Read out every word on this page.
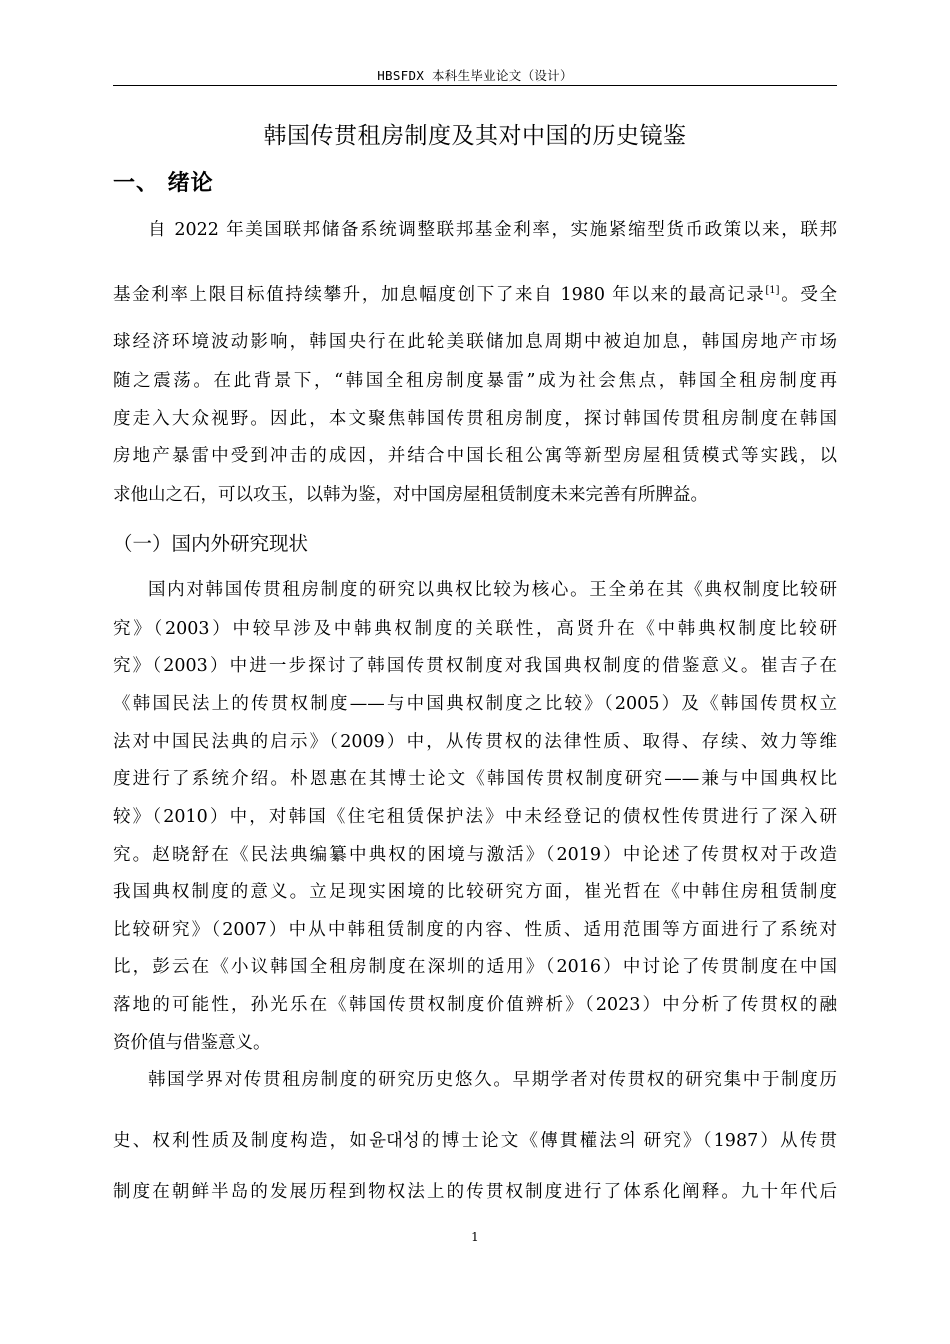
HBSFDX 本科生毕业论文（设计）
韩国传贯租房制度及其对中国的历史镜鉴
一、 绪论
自 2022 年美国联邦储备系统调整联邦基金利率，实施紧缩型货币政策以来，联邦
基金利率上限目标值持续攀升，加息幅度创下了来自 1980 年以来的最高记录[1]。受全
球经济环境波动影响，韩国央行在此轮美联储加息周期中被迫加息，韩国房地产市场
随之震荡。在此背景下，“韩国全租房制度暴雷”成为社会焦点，韩国全租房制度再
度走入大众视野。因此，本文聚焦韩国传贯租房制度，探讨韩国传贯租房制度在韩国
房地产暴雷中受到冲击的成因，并结合中国长租公寓等新型房屋租赁模式等实践，以
求他山之石，可以攻玉，以韩为鉴，对中国房屋租赁制度未来完善有所脾益。
（一）国内外研究现状
国内对韩国传贯租房制度的研究以典权比较为核心。王全弟在其《典权制度比较研
究》（2003）中较早涉及中韩典权制度的关联性，高贤升在《中韩典权制度比较研
究》（2003）中进一步探讨了韩国传贯权制度对我国典权制度的借鉴意义。崔吉子在
《韩国民法上的传贯权制度——与中国典权制度之比较》（2005）及《韩国传贯权立
法对中国民法典的启示》（2009）中，从传贯权的法律性质、取得、存续、效力等维
度进行了系统介绍。朴恩惠在其博士论文《韩国传贯权制度研究——兼与中国典权比
较》（2010）中，对韩国《住宅租赁保护法》中未经登记的债权性传贯进行了深入研
究。赵晓舒在《民法典编纂中典权的困境与激活》（2019）中论述了传贯权对于改造
我国典权制度的意义。立足现实困境的比较研究方面，崔光哲在《中韩住房租赁制度
比较研究》（2007）中从中韩租赁制度的内容、性质、适用范围等方面进行了系统对
比，彭云在《小议韩国全租房制度在深圳的适用》（2016）中讨论了传贯制度在中国
落地的可能性，孙光乐在《韩国传贯权制度价值辨析》（2023）中分析了传贯权的融
资价值与借鉴意义。
韩国学界对传贯租房制度的研究历史悠久。早期学者对传贯权的研究集中于制度历
史、权利性质及制度构造，如윤대성的博士论文《傳貫權法의 研究》（1987）从传贯
制度在朝鲜半岛的发展历程到物权法上的传贯权制度进行了体系化阐释。九十年代后
1
